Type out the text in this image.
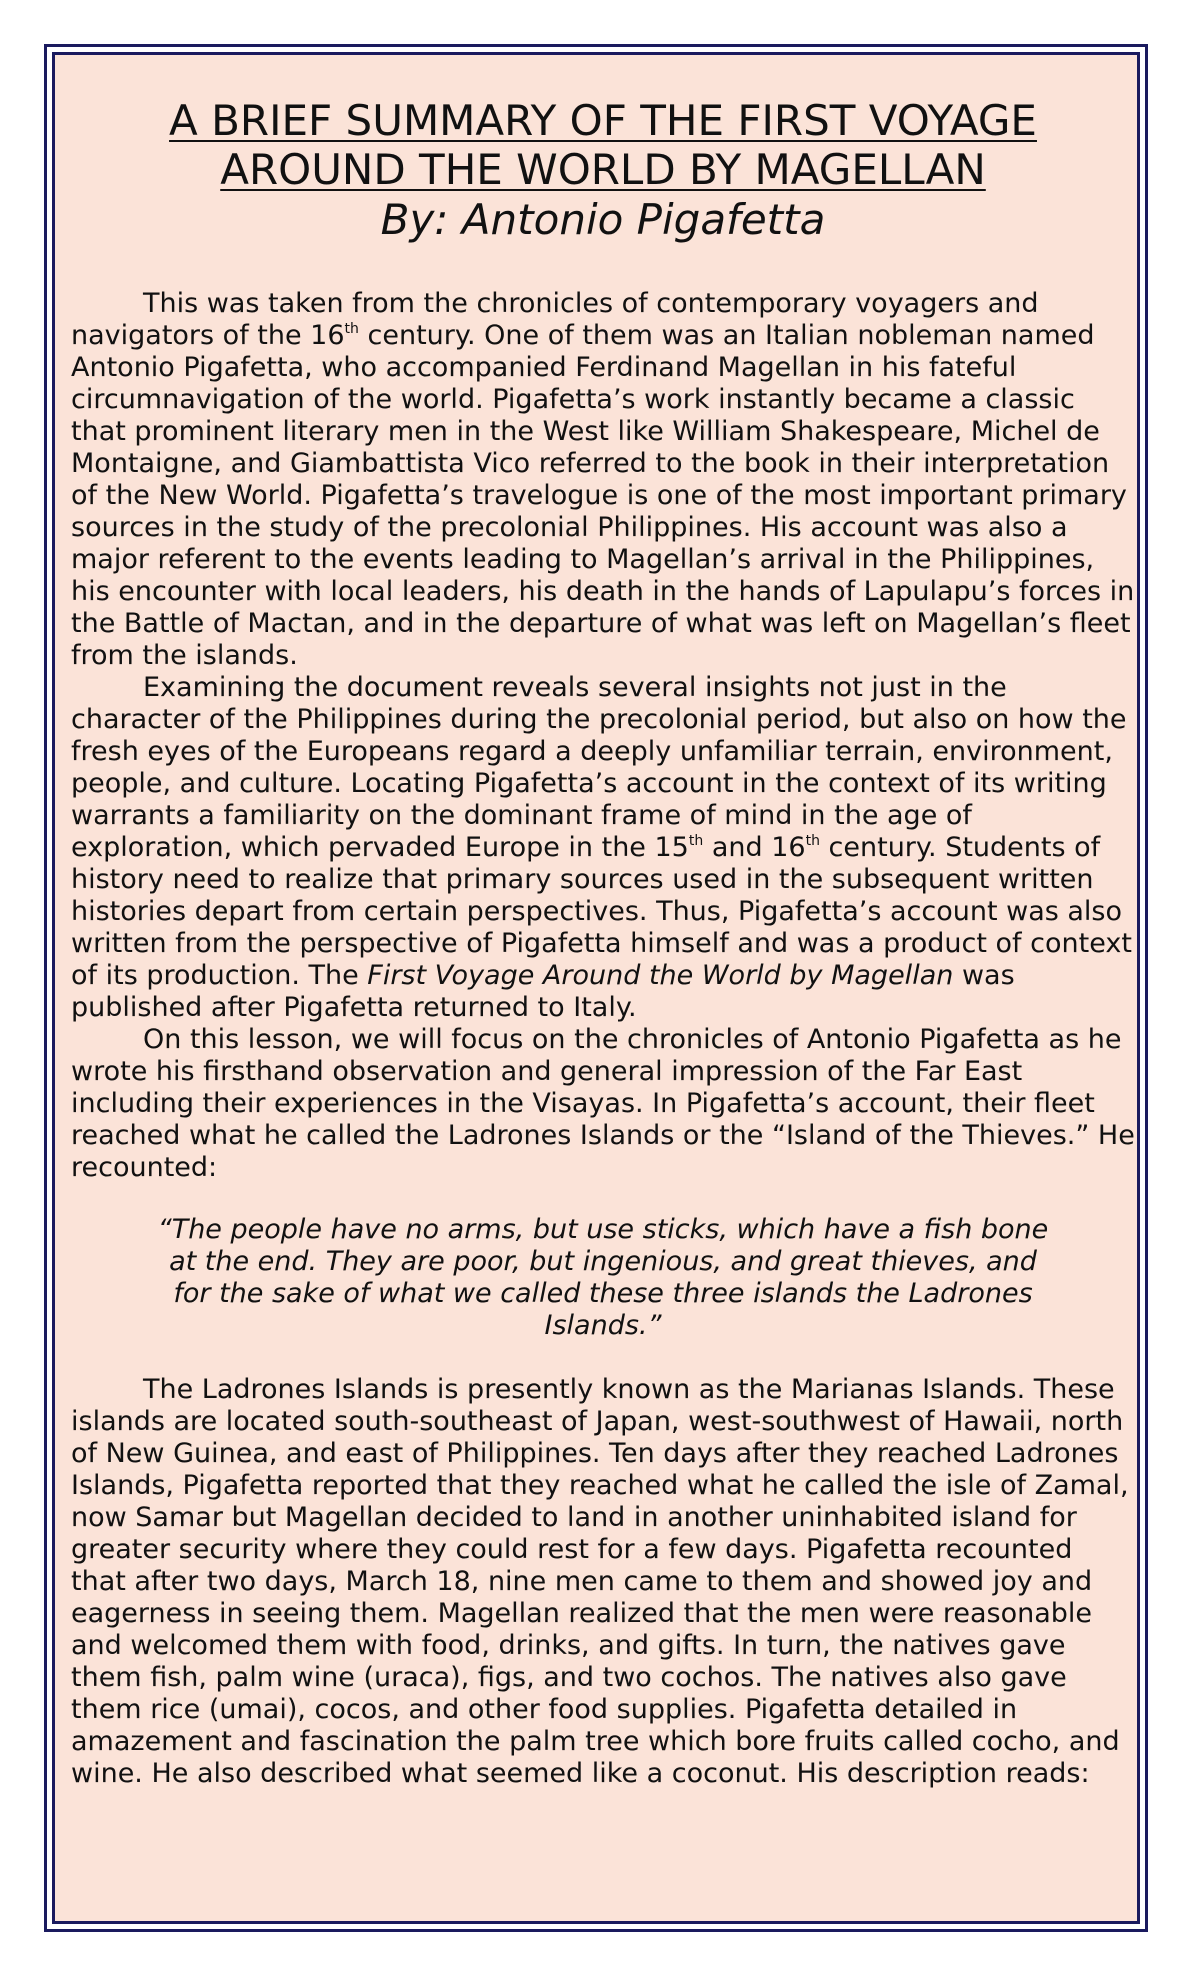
A BRIEF SUMMARY OF THE FIRST VOYAGE
AROUND THE WORLD BY MAGELLAN
By: Antonio Pigafetta

This was taken from the chronicles of contemporary voyagers and navigators of the 16th century. One of them was an Italian nobleman named Antonio Pigafetta, who accompanied Ferdinand Magellan in his fateful circumnavigation of the world. Pigafetta’s work instantly became a classic that prominent literary men in the West like William Shakespeare, Michel de Montaigne, and Giambattista Vico referred to the book in their interpretation of the New World. Pigafetta’s travelogue is one of the most important primary sources in the study of the precolonial Philippines. His account was also a major referent to the events leading to Magellan’s arrival in the Philippines, his encounter with local leaders, his death in the hands of Lapulapu’s forces in the Battle of Mactan, and in the departure of what was left on Magellan’s fleet from the islands.

Examining the document reveals several insights not just in the character of the Philippines during the precolonial period, but also on how the fresh eyes of the Europeans regard a deeply unfamiliar terrain, environment, people, and culture. Locating Pigafetta’s account in the context of its writing warrants a familiarity on the dominant frame of mind in the age of exploration, which pervaded Europe in the 15th and 16th century. Students of history need to realize that primary sources used in the subsequent written histories depart from certain perspectives. Thus, Pigafetta’s account was also written from the perspective of Pigafetta himself and was a product of context of its production. The First Voyage Around the World by Magellan was published after Pigafetta returned to Italy.

On this lesson, we will focus on the chronicles of Antonio Pigafetta as he wrote his firsthand observation and general impression of the Far East including their experiences in the Visayas. In Pigafetta’s account, their fleet reached what he called the Ladrones Islands or the “Island of the Thieves.” He recounted:

“The people have no arms, but use sticks, which have a fish bone at the end. They are poor, but ingenious, and great thieves, and for the sake of what we called these three islands the Ladrones Islands.”

The Ladrones Islands is presently known as the Marianas Islands. These islands are located south-southeast of Japan, west-southwest of Hawaii, north of New Guinea, and east of Philippines. Ten days after they reached Ladrones Islands, Pigafetta reported that they reached what he called the isle of Zamal, now Samar but Magellan decided to land in another uninhabited island for greater security where they could rest for a few days. Pigafetta recounted that after two days, March 18, nine men came to them and showed joy and eagerness in seeing them. Magellan realized that the men were reasonable and welcomed them with food, drinks, and gifts. In turn, the natives gave them fish, palm wine (uraca), figs, and two cochos. The natives also gave them rice (umai), cocos, and other food supplies. Pigafetta detailed in amazement and fascination the palm tree which bore fruits called cocho, and wine. He also described what seemed like a coconut. His description reads:
